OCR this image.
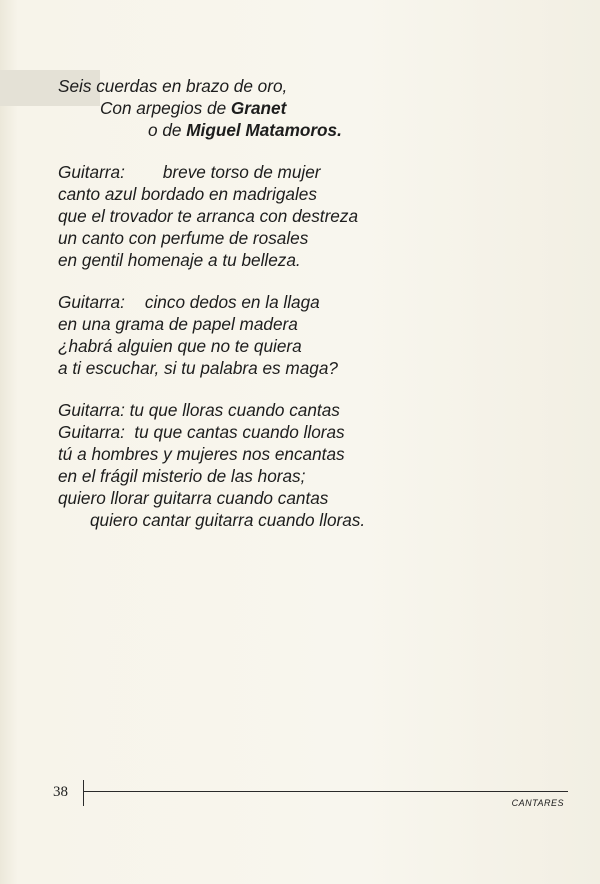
Seis cuerdas en brazo de oro,
Con arpegios de Granet
o de Miguel Matamoros.
Guitarra: breve torso de mujer
canto azul bordado en madrigales
que el trovador te arranca con destreza
un canto con perfume de rosales
en gentil homenaje a tu belleza.
Guitarra: cinco dedos en la llaga
en una grama de papel madera
¿habrá alguien que no te quiera
a ti escuchar, si tu palabra es maga?
Guitarra: tu que lloras cuando cantas
Guitarra:  tu que cantas cuando lloras
tú a hombres y mujeres nos encantas
en el frágil misterio de las horas;
quiero llorar guitarra cuando cantas
quiero cantar guitarra cuando lloras.
38
CANTARES
